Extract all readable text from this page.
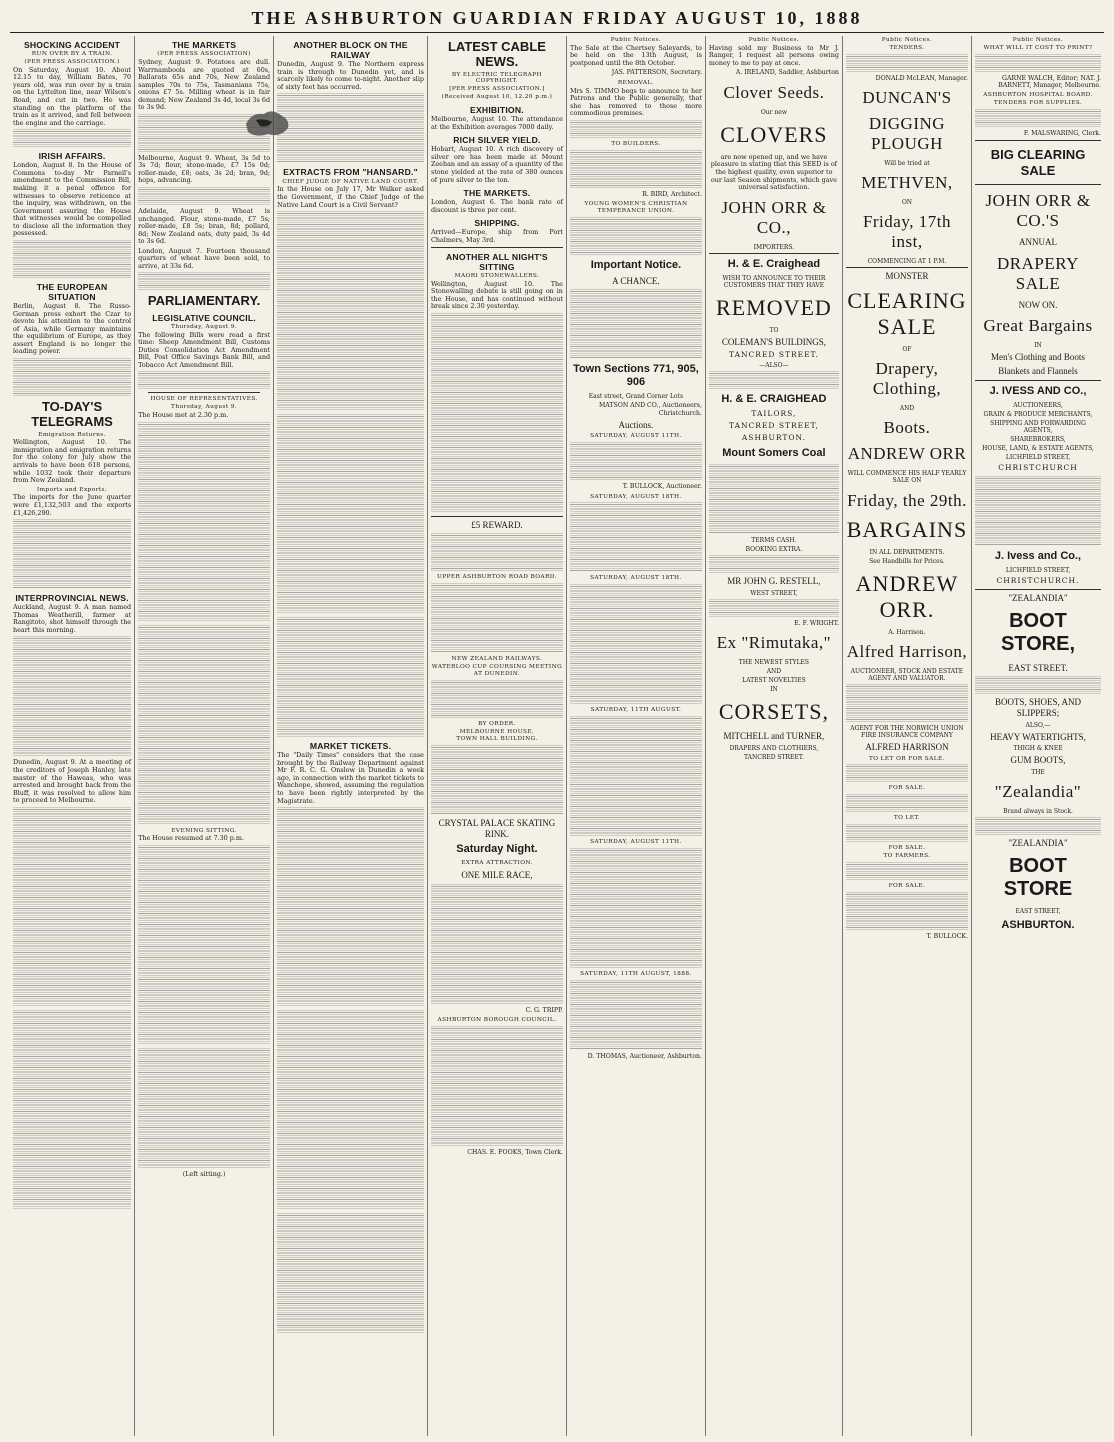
THE ASHBURTON GUARDIAN FRIDAY AUGUST 10, 1888
SHOCKING ACCIDENT
RUN OVER BY A TRAIN.
(PER PRESS ASSOCIATION.)

On Saturday, August 10. About 12.15 to day, William Bates, 70 years old, was run over by a train on the Lyttelton line, near Wilson's Road, and cut in two. He was standing on the platform of the train as it arrived, and fell between the engine and the carriage.

IRISH AFFAIRS.

London, August 8. In the House of Commons to-day Mr Parnell's amendment to the Commission Bill, making it a penal offence for witnesses to observe reticence at the inquiry, was withdrawn, on the Government assuring the House that witnesses would be compelled to disclose all the information they possessed.

THE EUROPEAN SITUATION

Berlin, August 8. The Russo-German press exhort the Czar to devote his attention to the control of Asia, while Germany maintains the equilibrium of Europe, as they assert England is no longer the leading power.

TO-DAY'S TELEGRAMS
Emigration Returns.

Wellington, August 10. The immigration and emigration returns for the colony for July show the arrivals to have been 618 persons, while 1032 took their departure from New Zealand.

Imports and Exports.

The imports for the June quarter were £1,132,503 and the exports £1,426,290.

INTERPROVINCIAL NEWS.

Auckland, August 9. A man named Thomas Weatherill, farmer at Rangitoto, shot himself through the heart this morning.

Dunedin, August 9. At a meeting of the creditors of Joseph Hanley, late master of the Haweas, who was arrested and brought back from the Bluff, it was resolved to allow him to proceed to Melbourne.

THE MARKETS
(PER PRESS ASSOCIATION)

Sydney, August 9. Potatoes are dull. Warrnambools are quoted at 60s, Ballarats 65s and 70s, New Zealand samples 70s to 75s, Tasmanians 75s, onions £7 5s. Milling wheat is in fair demand; New Zealand 3s 4d, local 3s 6d to 3s 9d.

Melbourne, August 9. Wheat, 3s 5d to 3s 7d; flour, stone-made, £7 15s 0d; roller-made, £8; oats, 3s 2d; bran, 9d; hops, advancing.

Adelaide, August 9. Wheat is unchanged. Flour, stone-made, £7 5s; roller-made, £8 5s; bran, 8d; pollard, 8d; New Zealand oats, duty paid, 3s 4d to 3s 6d.

London, August 7. Fourteen thousand quarters of wheat have been sold, to arrive, at 33s 6d.

PARLIAMENTARY.
LEGISLATIVE COUNCIL.
Thursday, August 9.

The following Bills were read a first time: Sheep Amendment Bill, Customs Duties Consolidation Act Amendment Bill, Post Office Savings Bank Bill, and Tobacco Act Amendment Bill.

HOUSE OF REPRESENTATIVES.
Thursday, August 9.

The House met at 2.30 p.m.

EVENING SITTING.

The House resumed at 7.30 p.m.

(Left sitting.)
ANOTHER BLOCK ON THE RAILWAY

Dunedin, August 9. The Northern express train is through to Dunedin yet, and is scarcely likely to come to-night. Another slip of sixty feet has occurred.

EXTRACTS FROM "HANSARD."
CHIEF JUDGE OF NATIVE LAND COURT.

In the House on July 17, Mr Walker asked the Government, if the Chief Judge of the Native Land Court is a Civil Servant?

MARKET TICKETS.

The "Daily Times" considers that the case brought by the Railway Department against Mr F. R. C. G. Onslow in Dunedin a week ago, in connection with the market tickets to Wanchope, showed, assuming the regulation to have been rightly interpreted by the Magistrate.

LATEST CABLE NEWS.
BY ELECTRIC TELEGRAPH COPYRIGHT.
[PER PRESS ASSOCIATION.]
(Received August 10, 12.20 p.m.)
EXHIBITION.

Melbourne, August 10. The attendance at the Exhibition averages 7000 daily.

RICH SILVER YIELD.

Hobart, August 10. A rich discovery of silver ore has been made at Mount Zeehan and an assay of a quantity of the stone yielded at the rate of 380 ounces of pure silver to the ton.

THE MARKETS.

London, August 6. The bank rate of discount is three per cent.

SHIPPING.

Arrived—Europe, ship from Port Chalmers, May 3rd.

ANOTHER ALL NIGHT'S SITTING
MAORI STONEWALLERS.

Wellington, August 10. The Stonewalling debate is still going on in the House, and has continued without break since 2.30 yesterday.

£5 REWARD.
UPPER ASHBURTON ROAD BOARD.
NEW ZEALAND RAILWAYS.
WATERLOO CUP COURSING MEETING AT DUNEDIN.
BY ORDER.
MELBOURNE HOUSE,
TOWN HALL BUILDING.
CRYSTAL PALACE SKATING RINK.
Saturday Night.
EXTRA ATTRACTION.
ONE MILE RACE,
C. G. TRIPP.
ASHBURTON BOROUGH COUNCIL.
CHAS. E. FOOKS, Town Clerk.
Public Notices.

The Sale at the Chertsey Saleyards, to be held on the 13th August, is postponed until the 8th October.

JAS. PATTERSON, Secretary.
REMOVAL.

Mrs S. TIMMO begs to announce to her Patrons and the Public generally, that she has removed to those more commodious premises.

TO BUILDERS.
R. BIRD, Architect.
YOUNG WOMEN'S CHRISTIAN TEMPERANCE UNION.
Important Notice.
A CHANCE.
Town Sections 771, 905, 906
East street, Grand Corner Lots
MATSON AND CO., Auctioneers, Christchurch.
Auctions.
SATURDAY, AUGUST 11TH.
T. BULLOCK, Auctioneer.
SATURDAY, AUGUST 18TH.
SATURDAY, AUGUST 18TH.
SATURDAY, 11TH AUGUST.
SATURDAY, AUGUST 11TH.
SATURDAY, 11TH AUGUST, 1888.
D. THOMAS, Auctioneer, Ashburton.
Public Notices.

Having sold my Business to Mr J. Ranger, I request all persons owing money to me to pay at once.

A. IRELAND, Saddler, Ashburton
Clover Seeds.
Our new
CLOVERS

are now opened up, and we have pleasure in stating that this SEED is of the highest quality, even superior to our last Season shipments, which gave universal satisfaction.

JOHN ORR & CO.,
IMPORTERS.
H. & E. Craighead
WISH TO ANNOUNCE TO THEIR CUSTOMERS THAT THEY HAVE
REMOVED
TO
COLEMAN'S BUILDINGS,
TANCRED STREET.
—ALSO—
H. & E. CRAIGHEAD
TAILORS,
TANCRED STREET,
ASHBURTON.
Mount Somers Coal
TERMS CASH.
BOOKING EXTRA.
MR JOHN G. RESTELL,
WEST STREET,
E. F. WRIGHT.
Ex "Rimutaka,"
THE NEWEST STYLES
AND
LATEST NOVELTIES
IN
CORSETS,
MITCHELL and TURNER,
DRAPERS AND CLOTHIERS,
TANCRED STREET.
Public Notices.
TENDERS.
DONALD McLEAN, Manager.
DUNCAN'S
DIGGING PLOUGH
Will be tried at
METHVEN,
ON
Friday, 17th inst,
COMMENCING AT 1 P.M.
MONSTER
CLEARING SALE
OF
Drapery, Clothing,
AND
Boots.
ANDREW ORR
WILL COMMENCE HIS HALF YEARLY SALE ON
Friday, the 29th.
BARGAINS
IN ALL DEPARTMENTS.
See Handbills for Prices.
ANDREW ORR.
A. Harrison.
Alfred Harrison,
AUCTIONEER, STOCK AND ESTATE AGENT AND VALUATOR.
AGENT FOR THE NORWICH UNION FIRE INSURANCE COMPANY
ALFRED HARRISON
TO LET OR FOR SALE.
FOR SALE.
TO LET.
FOR SALE.
TO FARMERS.
FOR SALE.
T. BULLOCK.
Public Notices.
WHAT WILL IT COST TO PRINT?
GARNE WALCH, Editor; NAT. J. BARNETT, Manager, Melbourne.
ASHBURTON HOSPITAL BOARD.
TENDERS FOR SUPPLIES.
F. MALSWARING, Clerk.
BIG CLEARING SALE
JOHN ORR & CO.'S
ANNUAL
DRAPERY SALE
NOW ON.
Great Bargains
IN
Men's Clothing and Boots
Blankets and Flannels
J. IVESS AND CO.,
AUCTIONEERS,
GRAIN & PRODUCE MERCHANTS,
SHIPPING AND FORWARDING AGENTS,
SHAREBROKERS,
HOUSE, LAND, & ESTATE AGENTS,
LICHFIELD STREET,
CHRISTCHURCH
J. Ivess and Co.,
LICHFIELD STREET,
CHRISTCHURCH.
"ZEALANDIA"
BOOT STORE,
EAST STREET.
BOOTS, SHOES, AND SLIPPERS;
ALSO,—
HEAVY WATERTIGHTS,
THIGH & KNEE
GUM BOOTS,
THE
"Zealandia"
Brand always in Stock.
"ZEALANDIA"
BOOT STORE
EAST STREET,
ASHBURTON.
